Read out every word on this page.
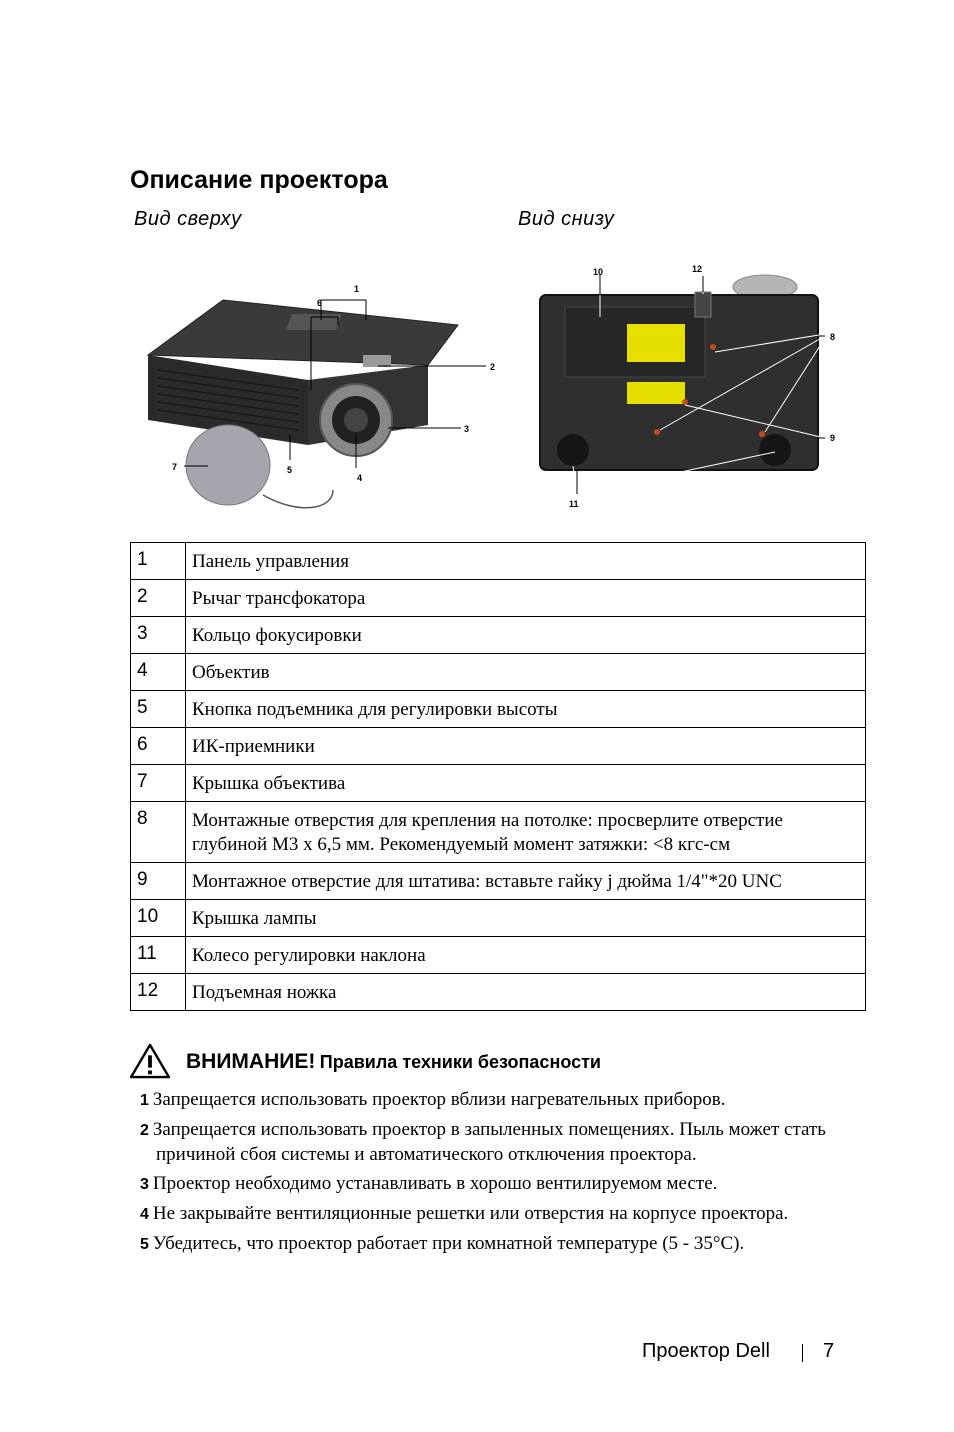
Описание проектора
Вид сверху	Вид снизу
1
6
2
3
4
5
7
10	12
8
9
11
1	Панель управления
2	Рычаг трансфокатора
3	Кольцо фокусировки
4	Объектив
5	Кнопка подъемника для регулировки высоты
6	ИК-приемники
7	Крышка объектива
8	Монтажные отверстия для крепления на потолке: просверлите отверстие глубиной M3 x 6,5 мм. Рекомендуемый момент затяжки: <8 кгс-см
9	Монтажное отверстие для штатива: вставьте гайку j дюйма 1/4"*20 UNC
10	Крышка лампы
11	Колесо регулировки наклона
12	Подъемная ножка
ВНИМАНИЕ! Правила техники безопасности
1 Запрещается использовать проектор вблизи нагревательных приборов.
2 Запрещается использовать проектор в запыленных помещениях. Пыль может стать причиной сбоя системы и автоматического отключения проектора.
3 Проектор необходимо устанавливать в хорошо вентилируемом месте.
4 Не закрывайте вентиляционные решетки или отверстия на корпусе проектора.
5 Убедитесь, что проектор работает при комнатной температуре (5 - 35°C).
Проектор Dell	7
